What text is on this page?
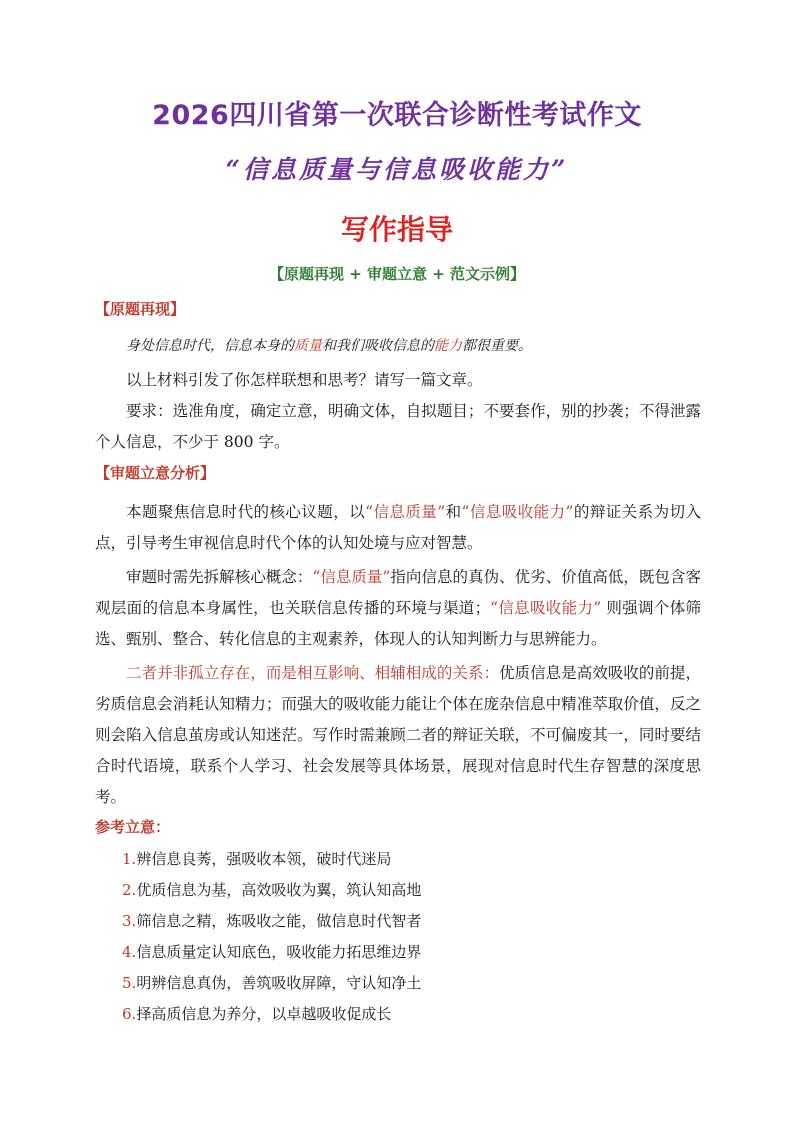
2026四川省第一次联合诊断性考试作文
“信息质量与信息吸收能力”
写作指导
【原题再现 + 审题立意 + 范文示例】
【原题再现】
身处信息时代，信息本身的质量和我们吸收信息的能力都很重要。
以上材料引发了你怎样联想和思考？请写一篇文章。
要求：选准角度，确定立意，明确文体，自拟题目；不要套作，别的抄袭；不得泄露个人信息，不少于 800 字。
【审题立意分析】
本题聚焦信息时代的核心议题，以“信息质量”和“信息吸收能力”的辩证关系为切入点，引导考生审视信息时代个体的认知处境与应对智慧。
审题时需先拆解核心概念：“信息质量”指向信息的真伪、优劣、价值高低，既包含客观层面的信息本身属性，也关联信息传播的环境与渠道；“信息吸收能力” 则强调个体筛选、甄别、整合、转化信息的主观素养，体现人的认知判断力与思辨能力。
二者并非孤立存在，而是相互影响、相辅相成的关系：优质信息是高效吸收的前提，劣质信息会消耗认知精力；而强大的吸收能力能让个体在庞杂信息中精准萃取价值，反之则会陷入信息茧房或认知迷茫。写作时需兼顾二者的辩证关联，不可偏废其一，同时要结合时代语境，联系个人学习、社会发展等具体场景，展现对信息时代生存智慧的深度思考。
参考立意：
1.辨信息良莠，强吸收本领，破时代迷局
2.优质信息为基，高效吸收为翼，筑认知高地
3.筛信息之精，炼吸收之能，做信息时代智者
4.信息质量定认知底色，吸收能力拓思维边界
5.明辨信息真伪，善筑吸收屏障，守认知净土
6.择高质信息为养分，以卓越吸收促成长
